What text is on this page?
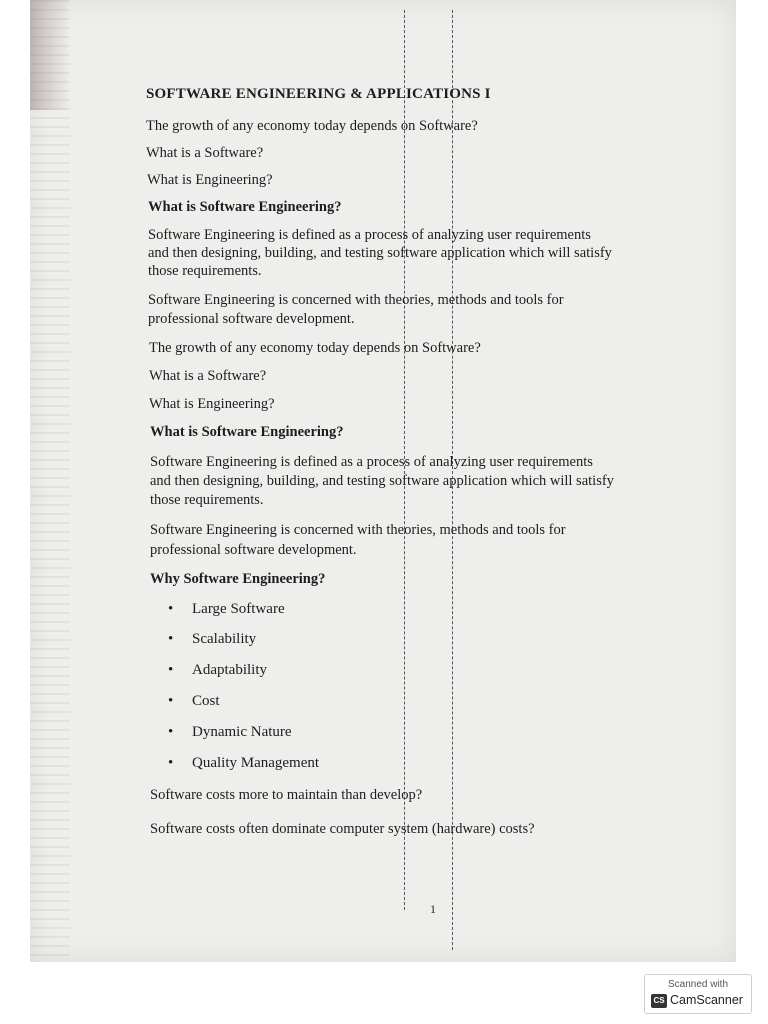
SOFTWARE ENGINEERING & APPLICATIONS I
The growth of any economy today depends on Software?
What is a Software?
What is Engineering?
What is Software Engineering?
Software Engineering is defined as a process of analyzing user requirements
and then designing, building, and testing software application which will satisfy
those requirements.
Software Engineering is concerned with theories, methods and tools for
professional software development.
The growth of any economy today depends on Software?
What is a Software?
What is Engineering?
What is Software Engineering?
Software Engineering is defined as a process of analyzing user requirements
and then designing, building, and testing software application which will satisfy
those requirements.
Software Engineering is concerned with theories, methods and tools for
professional software development.
Why Software Engineering?
• Large Software
• Scalability
• Adaptability
• Cost
• Dynamic Nature
• Quality Management
Software costs more to maintain than develop?
Software costs often dominate computer system (hardware) costs?
1
Scanned with
CS CamScanner
